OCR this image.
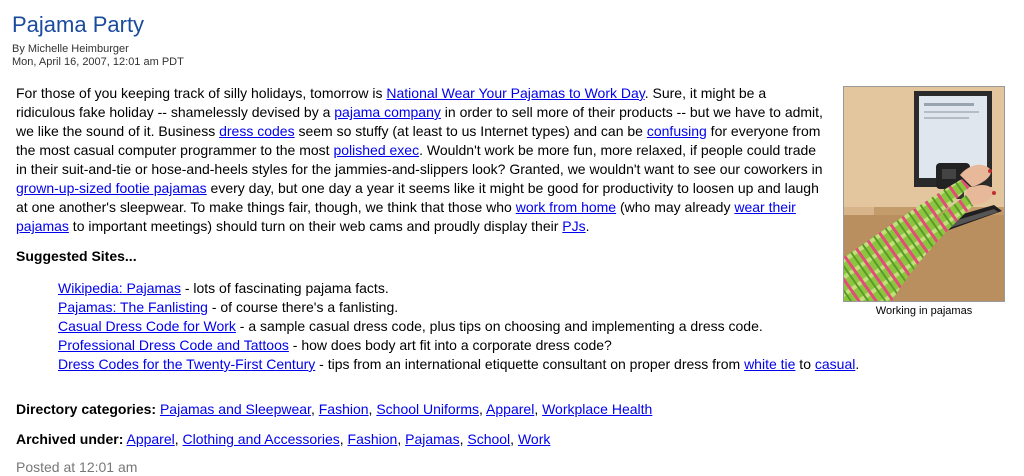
Pajama Party
By Michelle Heimburger
Mon, April 16, 2007, 12:01 am PDT

For those of you keeping track of silly holidays, tomorrow is National Wear Your Pajamas to Work Day. Sure, it might be a ridiculous fake holiday -- shamelessly devised by a pajama company in order to sell more of their products -- but we have to admit, we like the sound of it. Business dress codes seem so stuffy (at least to us Internet types) and can be confusing for everyone from the most casual computer programmer to the most polished exec. Wouldn't work be more fun, more relaxed, if people could trade in their suit-and-tie or hose-and-heels styles for the jammies-and-slippers look? Granted, we wouldn't want to see our coworkers in grown-up-sized footie pajamas every day, but one day a year it seems like it might be good for productivity to loosen up and laugh at one another's sleepwear. To make things fair, though, we think that those who work from home (who may already wear their pajamas to important meetings) should turn on their web cams and proudly display their PJs.

Working in pajamas
Suggested Sites...
Wikipedia: Pajamas - lots of fascinating pajama facts.
Pajamas: The Fanlisting - of course there's a fanlisting.
Casual Dress Code for Work - a sample casual dress code, plus tips on choosing and implementing a dress code.
Professional Dress Code and Tattoos - how does body art fit into a corporate dress code?
Dress Codes for the Twenty-First Century - tips from an international etiquette consultant on proper dress from white tie to casual.
Directory categories: Pajamas and Sleepwear, Fashion, School Uniforms, Apparel, Workplace Health
Archived under: Apparel, Clothing and Accessories, Fashion, Pajamas, School, Work
Posted at 12:01 am
